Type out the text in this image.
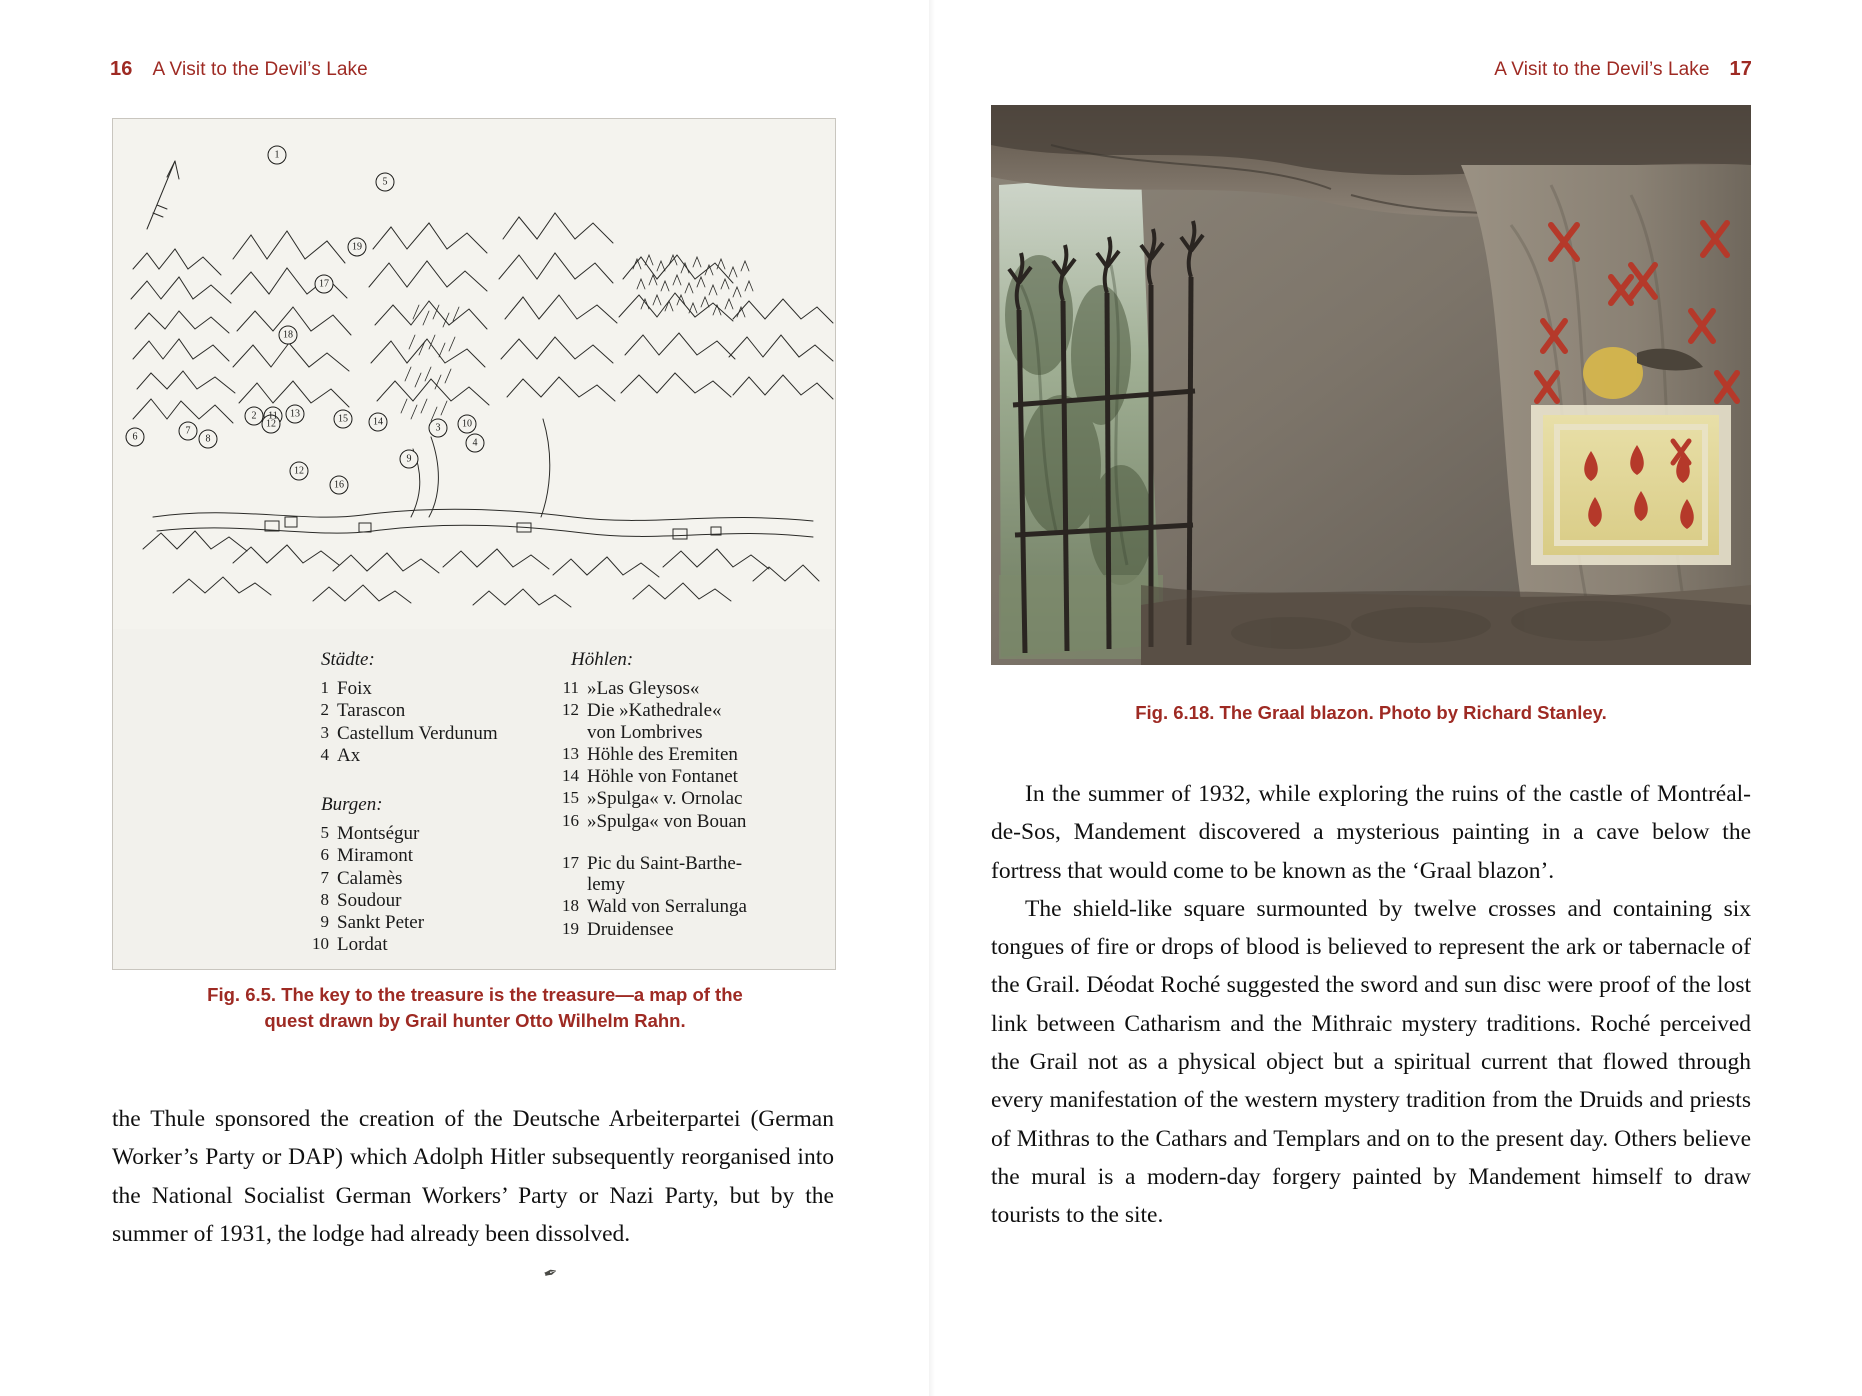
16 A Visit to the Devil’s Lake
1
5
19
17
18
6
7
8
2 11 13
12
12
16
15	14
9
3 10
4
Städte:
1 Foix
2 Tarascon
3 Castellum Verdunum
4 Ax
Burgen:
5 Montségur
6 Miramont
7 Calamès
8 Soudour
9 Sankt Peter
10 Lordat
Höhlen:
11 »Las Gleysos«
12 Die »Kathedrale«
von Lombrives
13 Höhle des Eremiten
14 Höhle von Fontanet
15 »Spulga« v. Ornolac
16 »Spulga« von Bouan
17 Pic du Saint-Barthe-
lemy
18 Wald von Serralunga
19 Druidensee
✒
Fig. 6.5. The key to the treasure is the treasure—a map of the
quest drawn by Grail hunter Otto Wilhelm Rahn.

the Thule sponsored the creation of the Deutsche Arbeiterpartei (German Worker’s Party or DAP) which Adolph Hitler subsequently reorganised into the National Socialist German Workers’ Party or Nazi Party, but by the summer of 1931, the lodge had already been dissolved.

A Visit to the Devil’s Lake 17
Fig. 6.18. The Graal blazon. Photo by Richard Stanley.

In the summer of 1932, while exploring the ruins of the castle of Montréal-de-Sos, Mandement discovered a mysterious painting in a cave below the fortress that would come to be known as the ‘Graal blazon’.

The shield-like square surmounted by twelve crosses and containing six tongues of fire or drops of blood is believed to represent the ark or tabernacle of the Grail. Déodat Roché suggested the sword and sun disc were proof of the lost link between Catharism and the Mithraic mystery traditions. Roché perceived the Grail not as a physical object but a spiritual current that flowed through every manifestation of the western mystery tradition from the Druids and priests of Mithras to the Cathars and Templars and on to the present day. Others believe the mural is a modern-day forgery painted by Mandement himself to draw tourists to the site.
